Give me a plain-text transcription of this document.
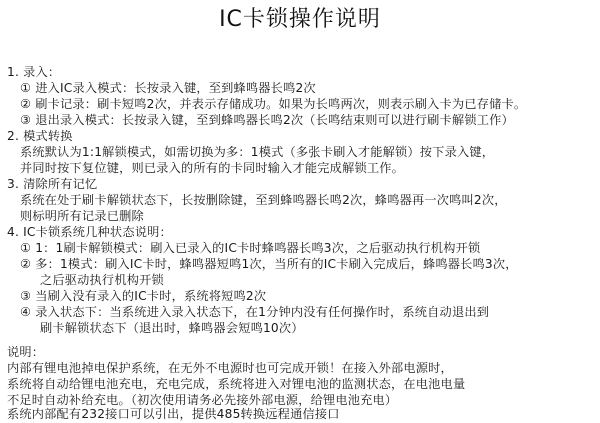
IC卡锁操作说明
1. 录入：
① 进入IC录入模式：长按录入键，至到蜂鸣器长鸣2次
② 刷卡记录：刷卡短鸣2次，并表示存储成功。如果为长鸣两次，则表示刷入卡为已存储卡。
③ 退出录入模式：长按录入键，至到蜂鸣器长鸣2次（长鸣结束则可以进行刷卡解锁工作）
2. 模式转换
系统默认为1:1解锁模式，如需切换为多：1模式（多张卡刷入才能解锁）按下录入键，
并同时按下复位键，则已录入的所有的卡同时输入才能完成解锁工作。
3. 清除所有记忆
系统在处于刷卡解锁状态下，长按删除键，至到蜂鸣器长鸣2次，蜂鸣器再一次鸣叫2次，
则标明所有记录已删除
4. IC卡锁系统几种状态说明：
① 1：1刷卡解锁模式：刷入已录入的IC卡时蜂鸣器长鸣3次，之后驱动执行机构开锁
② 多：1模式：刷入IC卡时，蜂鸣器短鸣1次，当所有的IC卡刷入完成后，蜂鸣器长鸣3次，
之后驱动执行机构开锁
③ 当刷入没有录入的IC卡时，系统将短鸣2次
④ 录入状态下：当系统进入录入状态下，在1分钟内没有任何操作时，系统自动退出到
刷卡解锁状态下（退出时，蜂鸣器会短鸣10次）
说明：
内部有锂电池掉电保护系统，在无外不电源时也可完成开锁！在接入外部电源时，
系统将自动给锂电池充电，充电完成，系统将进入对锂电池的监测状态，在电池电量
不足时自动补给充电。（初次使用请务必先接外部电源，给锂电池充电）
系统内部配有232接口可以引出，提供485转换远程通信接口
